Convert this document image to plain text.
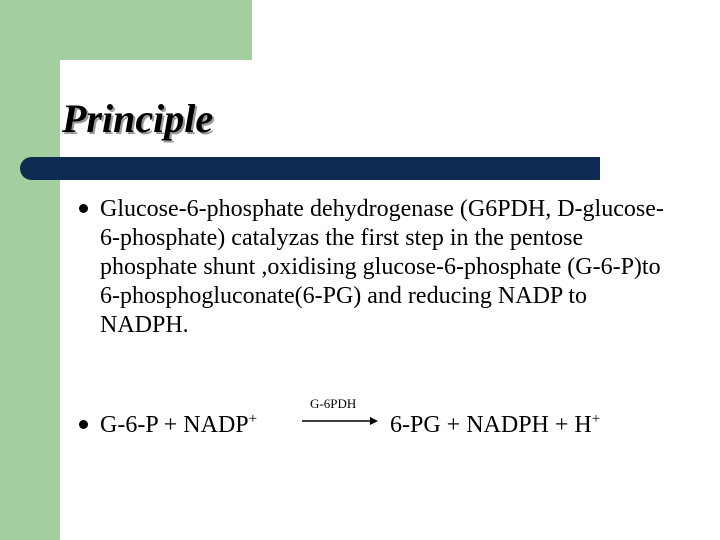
Principle
Glucose-6-phosphate dehydrogenase (G6PDH, D-glucose-6-phosphate) catalyzas the first step in the pentose phosphate shunt ,oxidising glucose-6-phosphate (G-6-P)to 6-phosphogluconate(6-PG) and reducing NADP to NADPH.
G-6-P + NADP+
G-6PDH
6-PG + NADPH + H+
